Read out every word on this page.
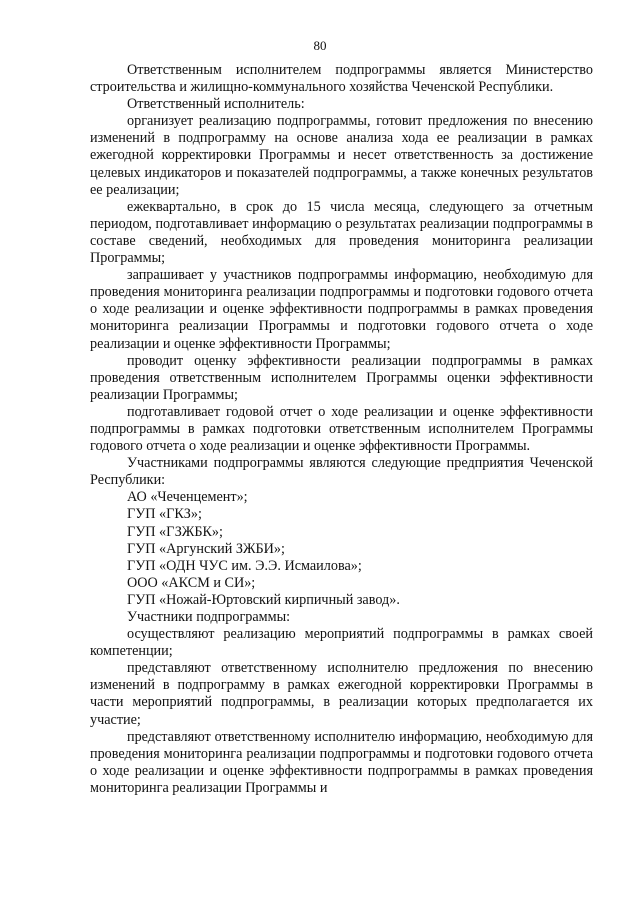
80

Ответственным исполнителем подпрограммы является Министерство строительства и жилищно-коммунального хозяйства Чеченской Республики.

Ответственный исполнитель:

организует реализацию подпрограммы, готовит предложения по внесению изменений в подпрограмму на основе анализа хода ее реализации в рамках ежегодной корректировки Программы и несет ответственность за достижение целевых индикаторов и показателей подпрограммы, а также конечных результатов ее реализации;

ежеквартально, в срок до 15 числа месяца, следующего за отчетным периодом, подготавливает информацию о результатах реализации подпрограммы в составе сведений, необходимых для проведения мониторинга реализации Программы;

запрашивает у участников подпрограммы информацию, необходимую для проведения мониторинга реализации подпрограммы и подготовки годового отчета о ходе реализации и оценке эффективности подпрограммы в рамках проведения мониторинга реализации Программы и подготовки годового отчета о ходе реализации и оценке эффективности Программы;

проводит оценку эффективности реализации подпрограммы в рамках проведения ответственным исполнителем Программы оценки эффективности реализации Программы;

подготавливает годовой отчет о ходе реализации и оценке эффективности подпрограммы в рамках подготовки ответственным исполнителем Программы годового отчета о ходе реализации и оценке эффективности Программы.

Участниками подпрограммы являются следующие предприятия Чеченской Республики:

АО «Чеченцемент»;

ГУП «ГКЗ»;

ГУП «ГЗЖБК»;

ГУП «Аргунский ЗЖБИ»;

ГУП «ОДН ЧУС им. Э.Э. Исмаилова»;

ООО «АКСМ и СИ»;

ГУП «Ножай-Юртовский кирпичный завод».

Участники подпрограммы:

осуществляют реализацию мероприятий подпрограммы в рамках своей компетенции;

представляют ответственному исполнителю предложения по внесению изменений в подпрограмму в рамках ежегодной корректировки Программы в части мероприятий подпрограммы, в реализации которых предполагается их участие;

представляют ответственному исполнителю информацию, необходимую для проведения мониторинга реализации подпрограммы и подготовки годового отчета о ходе реализации и оценке эффективности подпрограммы в рамках проведения мониторинга реализации Программы и
